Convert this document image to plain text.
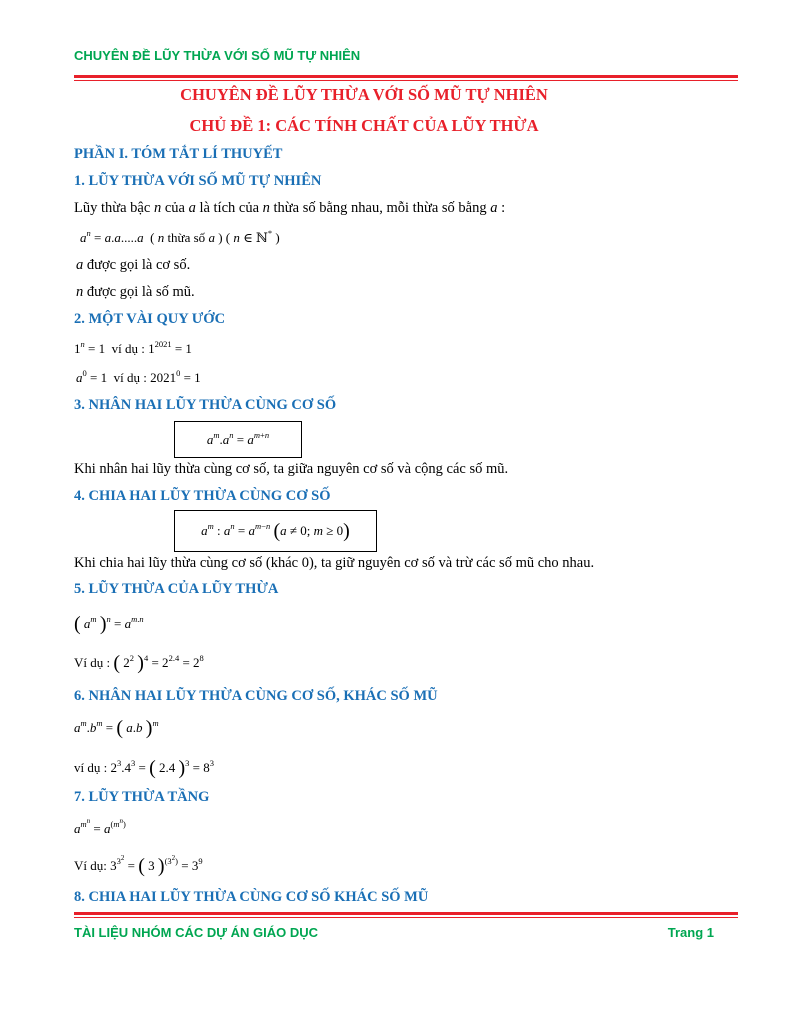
CHUYÊN ĐỀ LŨY THỪA VỚI SỐ MŨ TỰ NHIÊN
CHUYÊN ĐỀ LŨY THỪA VỚI SỐ MŨ TỰ NHIÊN
CHỦ ĐỀ 1: CÁC TÍNH CHẤT CỦA LŨY THỪA
PHẦN I. TÓM TẮT LÍ THUYẾT
1. LŨY THỪA VỚI SỐ MŨ TỰ NHIÊN
Lũy thừa bậc n của a là tích của n thừa số bằng nhau, mỗi thừa số bằng a :
$a^n = a.a.....a$  ( n thừa số a ) ( n ∈ ℕ* )
a được gọi là cơ số.
n được gọi là số mũ.
2. MỘT VÀI QUY ƯỚC
$1^n = 1$  ví dụ : $1^{2021} = 1$
$a^0 = 1$  ví dụ : $2021^0 = 1$
3. NHÂN HAI LŨY THỪA CÙNG CƠ SỐ
$a^m.a^n = a^{m+n}$
Khi nhân hai lũy thừa cùng cơ số, ta giữa nguyên cơ số và cộng các số mũ.
4. CHIA HAI LŨY THỪA CÙNG CƠ SỐ
$a^m$ : $a^n = a^{m-n}$ (a ≠ 0; m ≥ 0)
Khi chia hai lũy thừa cùng cơ số (khác 0), ta giữ nguyên cơ số và trừ các số mũ cho nhau.
5. LŨY THỪA CỦA LŨY THỪA
( $a^m$ )$^n = a^{m.n}$
Ví dụ : ( $2^2$ )$^4 = 2^{2.4} = 2^8$
6. NHÂN HAI LŨY THỪA CÙNG CƠ SỐ, KHÁC SỐ MŨ
$a^m.b^m$ = ( a.b )$^m$
ví dụ : $2^3.4^3$ = ( 2.4 )$^3 = 8^3$
7. LŨY THỪA TẦNG
$a^{m^n} = a^{(m^n)}$
Ví dụ: $3^{3^2}$ = ( 3 )$^{(3^2)} = 3^9$
8. CHIA HAI LŨY THỪA CÙNG CƠ SỐ KHÁC SỐ MŨ
TÀI LIỆU NHÓM CÁC DỰ ÁN GIÁO DỤC	Trang 1
